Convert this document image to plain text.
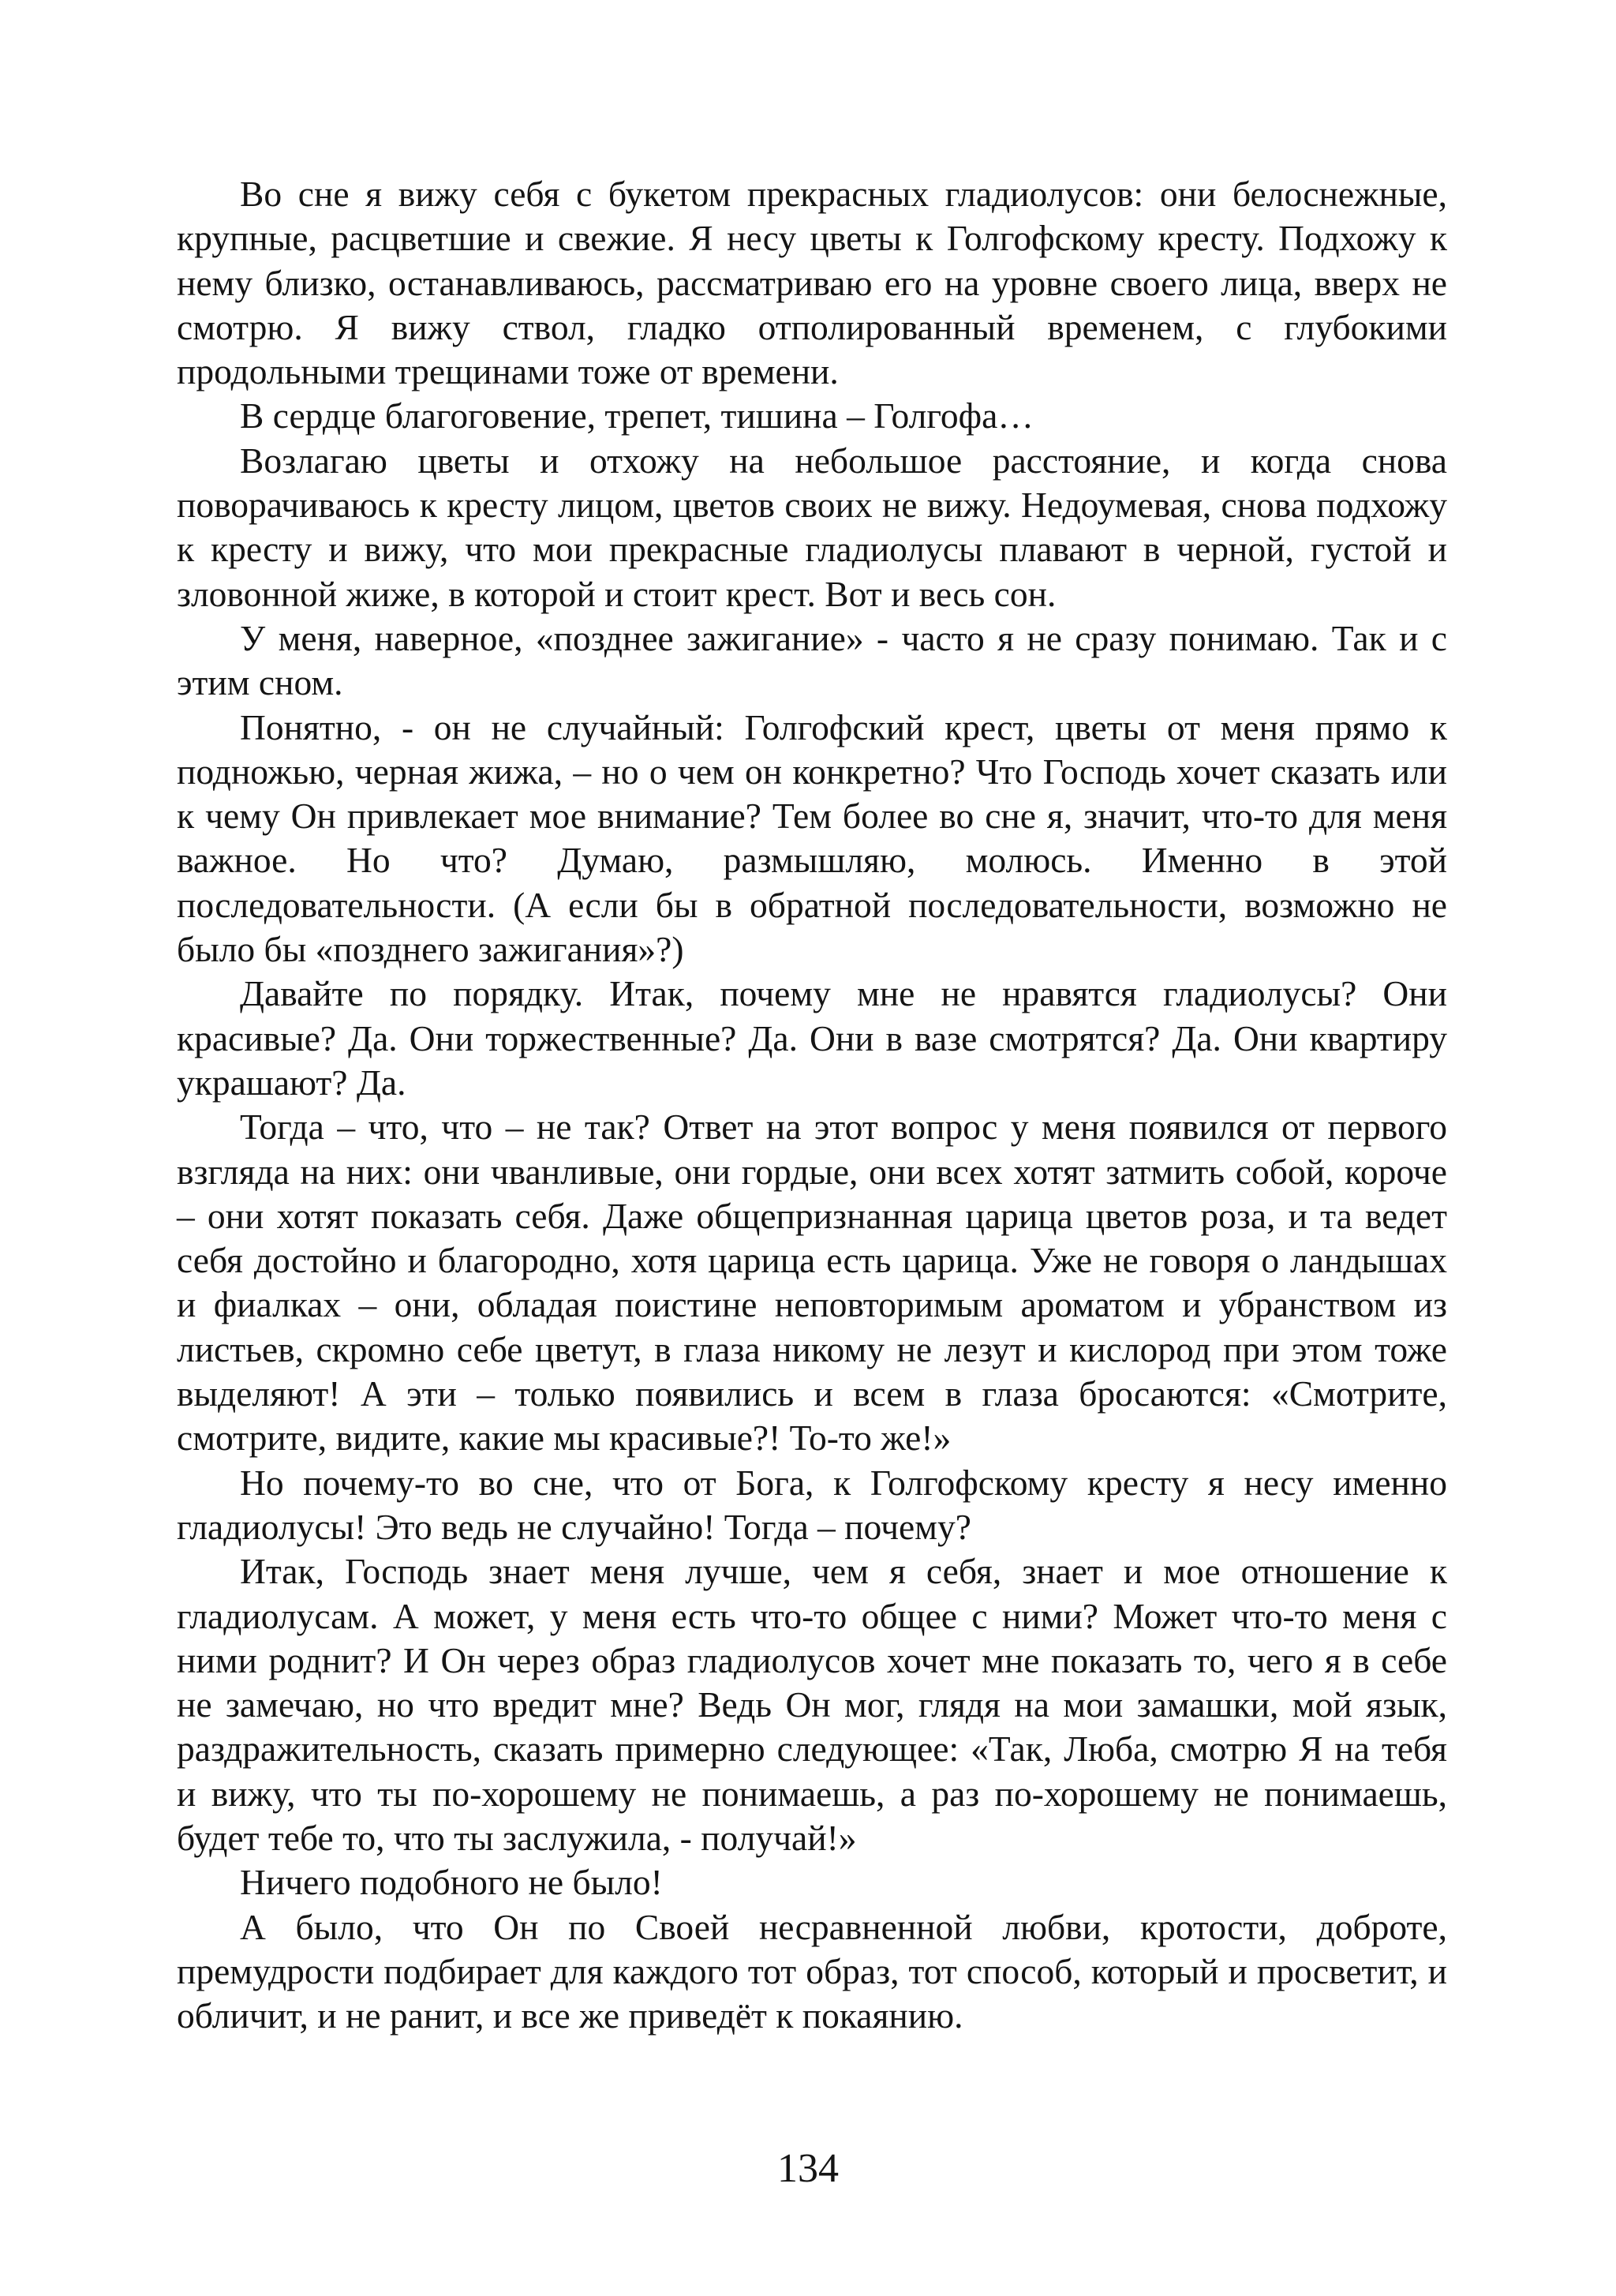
Во сне я вижу себя с букетом прекрасных гладиолусов: они белоснежные, крупные, расцветшие и свежие. Я несу цветы к Голгофскому кресту. Подхожу к нему близко, останавливаюсь, рассматриваю его на уровне своего лица, вверх не смотрю. Я вижу ствол, гладко отполированный временем, с глубокими продольными трещинами тоже от времени.

В сердце благоговение, трепет, тишина – Голгофа…

Возлагаю цветы и отхожу на небольшое расстояние, и когда снова поворачиваюсь к кресту лицом, цветов своих не вижу. Недоумевая, снова подхожу к кресту и вижу, что мои прекрасные гладиолусы плавают в черной, густой и зловонной жиже, в которой и стоит крест. Вот и весь сон.

У меня, наверное, «позднее зажигание» - часто я не сразу понимаю. Так и с этим сном.

Понятно, - он не случайный: Голгофский крест, цветы от меня прямо к подножью, черная жижа, – но о чем он конкретно? Что Господь хочет сказать или к чему Он привлекает мое внимание? Тем более во сне я, значит, что-то для меня важное. Но что? Думаю, размышляю, молюсь. Именно в этой последовательности. (А если бы в обратной последовательности, возможно не было бы «позднего зажигания»?)

Давайте по порядку. Итак, почему мне не нравятся гладиолусы? Они красивые? Да. Они торжественные? Да. Они в вазе смотрятся? Да. Они квартиру украшают? Да.

Тогда – что, что – не так? Ответ на этот вопрос у меня появился от первого взгляда на них: они чванливые, они гордые, они всех хотят затмить собой, короче – они хотят показать себя. Даже общепризнанная царица цветов роза, и та ведет себя достойно и благородно, хотя царица есть царица. Уже не говоря о ландышах и фиалках – они, обладая поистине неповторимым ароматом и убранством из листьев, скромно себе цветут, в глаза никому не лезут и кислород при этом тоже выделяют! А эти – только появились и всем в глаза бросаются: «Смотрите, смотрите, видите, какие мы красивые?! То-то же!»

Но почему-то во сне, что от Бога, к Голгофскому кресту я несу именно гладиолусы! Это ведь не случайно! Тогда – почему?

Итак, Господь знает меня лучше, чем я себя, знает и мое отношение к гладиолусам. А может, у меня есть что-то общее с ними? Может что-то меня с ними роднит? И Он через образ гладиолусов хочет мне показать то, чего я в себе не замечаю, но что вредит мне? Ведь Он мог, глядя на мои замашки, мой язык, раздражительность, сказать примерно следующее: «Так, Люба, смотрю Я на тебя и вижу, что ты по-хорошему не понимаешь, а раз по-хорошему не понимаешь, будет тебе то, что ты заслужила, - получай!»

Ничего подобного не было!

А было, что Он по Своей несравненной любви, кротости, доброте, премудрости подбирает для каждого тот образ, тот способ, который и просветит, и обличит, и не ранит, и все же приведёт к покаянию.

134
